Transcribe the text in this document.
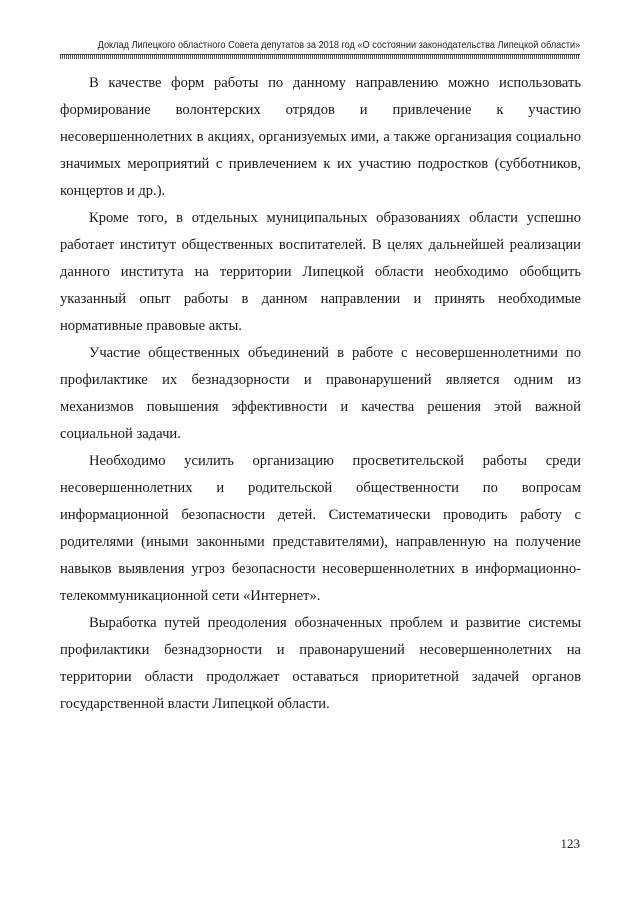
Доклад Липецкого областного Совета депутатов за 2018 год «О состоянии законодательства Липецкой области»

В качестве форм работы по данному направлению можно использовать формирование волонтерских отрядов и привлечение к участию несовершеннолетних в акциях, организуемых ими, а также организация социально значимых мероприятий с привлечением к их участию подростков (субботников, концертов и др.).

Кроме того, в отдельных муниципальных образованиях области успешно работает институт общественных воспитателей. В целях дальнейшей реализации данного института на территории Липецкой области необходимо обобщить указанный опыт работы в данном направлении и принять необходимые нормативные правовые акты.

Участие общественных объединений в работе с несовершеннолетними по профилактике их безнадзорности и правонарушений является одним из механизмов повышения эффективности и качества решения этой важной социальной задачи.

Необходимо усилить организацию просветительской работы среди несовершеннолетних и родительской общественности по вопросам информационной безопасности детей. Систематически проводить работу с родителями (иными законными представителями), направленную на получение навыков выявления угроз безопасности несовершеннолетних в информационно-телекоммуникационной сети «Интернет».

Выработка путей преодоления обозначенных проблем и развитие системы профилактики безнадзорности и правонарушений несовершеннолетних на территории области продолжает оставаться приоритетной задачей органов государственной власти Липецкой области.

123
